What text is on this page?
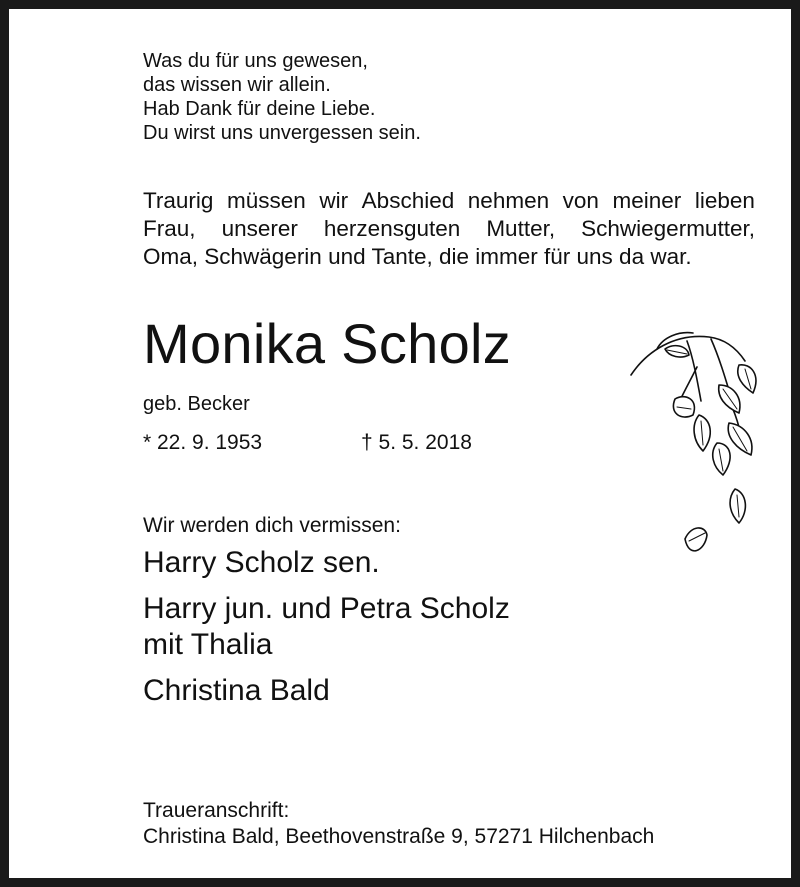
Was du für uns gewesen,
das wissen wir allein.
Hab Dank für deine Liebe.
Du wirst uns unvergessen sein.
Traurig müssen wir Abschied nehmen von meiner lieben
Frau, unserer herzensguten Mutter, Schwiegermutter,
Oma, Schwägerin und Tante, die immer für uns da war.
Monika Scholz
geb. Becker
* 22. 9. 1953	† 5. 5. 2018
Wir werden dich vermissen:
Harry Scholz sen.
Harry jun. und Petra Scholz
mit Thalia
Christina Bald
Traueranschrift:
Christina Bald, Beethovenstraße 9, 57271 Hilchenbach
